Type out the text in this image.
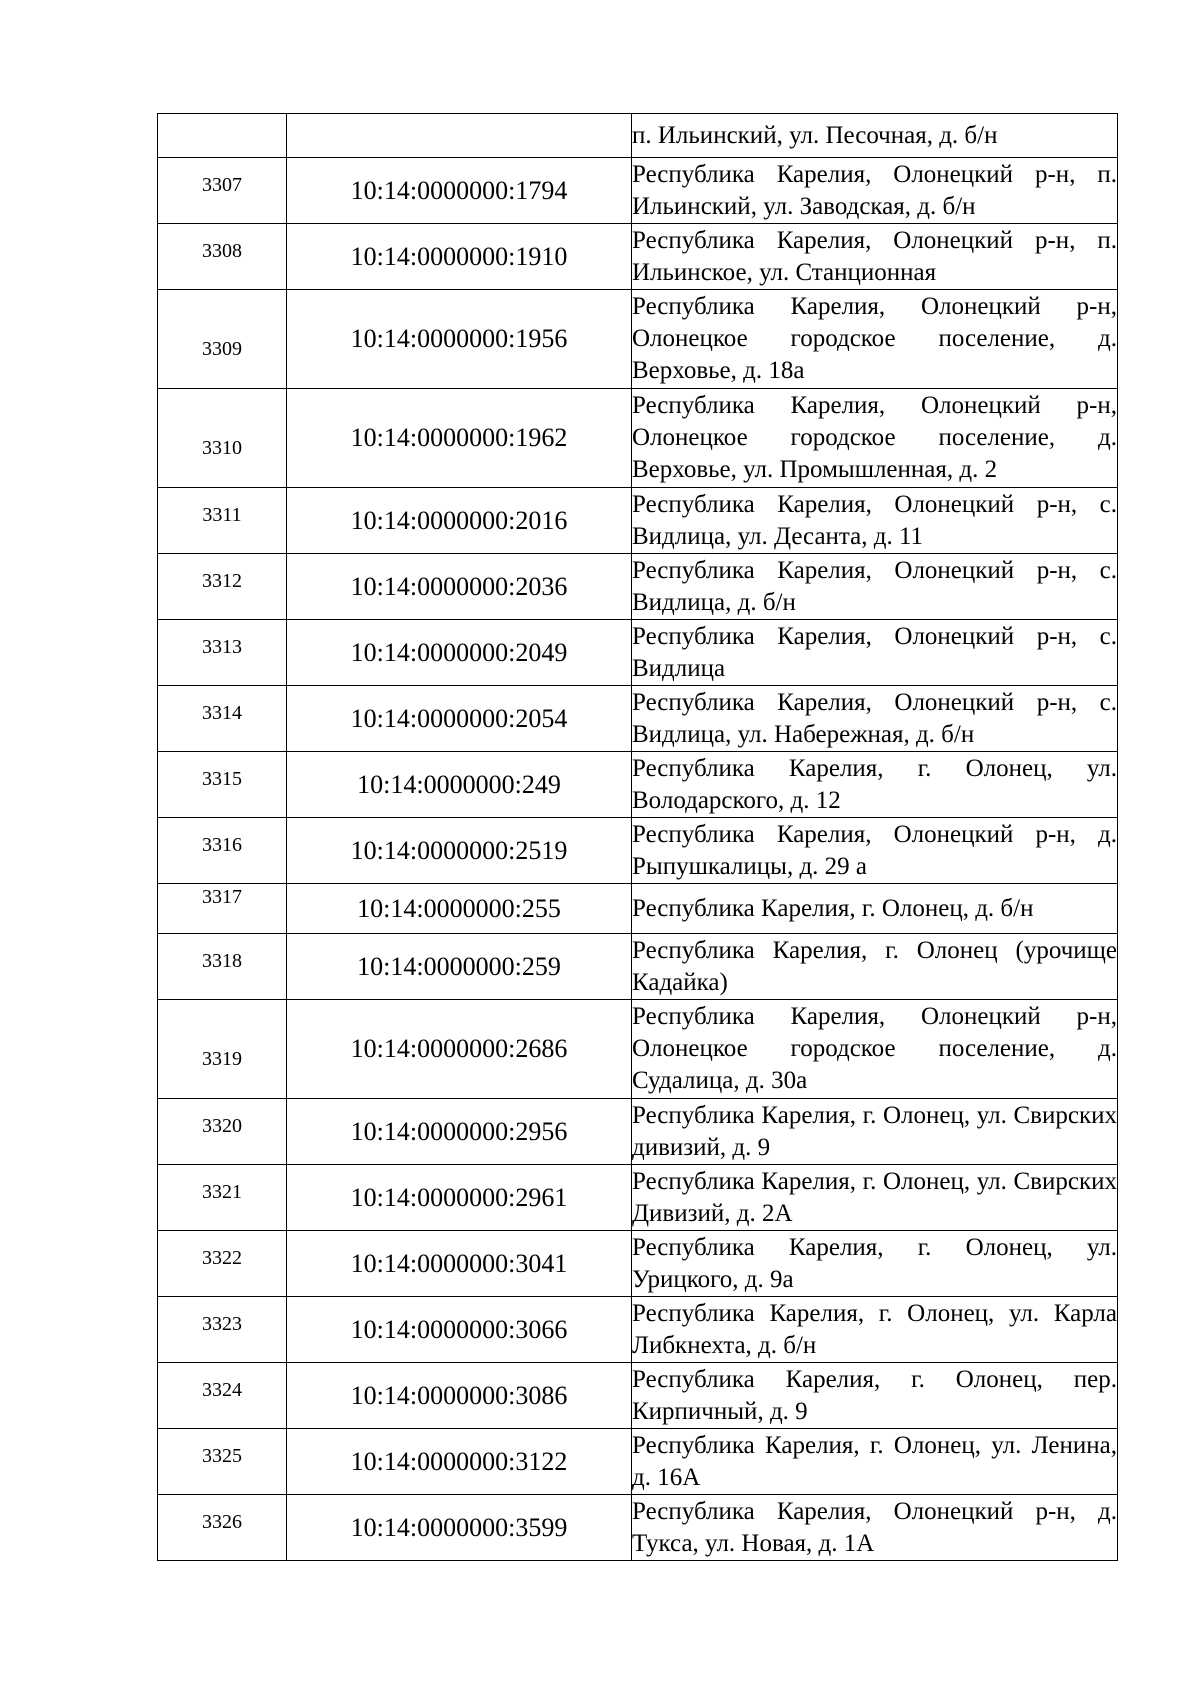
		п. Ильинский, ул. Песочная, д. б/н

3307	10:14:0000000:1794	Республика Карелия, Олонецкий р-н, п. Ильинский, ул. Заводская, д. б/н

3308	10:14:0000000:1910	Республика Карелия, Олонецкий р-н, п. Ильинское, ул. Станционная

3309	10:14:0000000:1956	Республика Карелия, Олонецкий р-н, Олонецкое городское поселение, д. Верховье, д. 18а

3310	10:14:0000000:1962	Республика Карелия, Олонецкий р-н, Олонецкое городское поселение, д. Верховье, ул. Промышленная, д. 2

3311	10:14:0000000:2016	Республика Карелия, Олонецкий р-н, с. Видлица, ул. Десанта, д. 11

3312	10:14:0000000:2036	Республика Карелия, Олонецкий р-н, с. Видлица, д. б/н

3313	10:14:0000000:2049	Республика Карелия, Олонецкий р-н, с. Видлица

3314	10:14:0000000:2054	Республика Карелия, Олонецкий р-н, с. Видлица, ул. Набережная, д. б/н

3315	10:14:0000000:249	Республика Карелия, г. Олонец, ул. Володарского, д. 12

3316	10:14:0000000:2519	Республика Карелия, Олонецкий р-н, д. Рыпушкалицы, д. 29 а

3317	10:14:0000000:255	Республика Карелия, г. Олонец, д. б/н

3318	10:14:0000000:259	Республика Карелия, г. Олонец (урочище Кадайка)

3319	10:14:0000000:2686	Республика Карелия, Олонецкий р-н, Олонецкое городское поселение, д. Судалица, д. 30а

3320	10:14:0000000:2956	Республика Карелия, г. Олонец, ул. Свирских дивизий, д. 9

3321	10:14:0000000:2961	Республика Карелия, г. Олонец, ул. Свирских Дивизий, д. 2А

3322	10:14:0000000:3041	Республика Карелия, г. Олонец, ул. Урицкого, д. 9а

3323	10:14:0000000:3066	Республика Карелия, г. Олонец, ул. Карла Либкнехта, д. б/н

3324	10:14:0000000:3086	Республика Карелия, г. Олонец, пер. Кирпичный, д. 9

3325	10:14:0000000:3122	Республика Карелия, г. Олонец, ул. Ленина, д. 16А

3326	10:14:0000000:3599	Республика Карелия, Олонецкий р-н, д. Тукса, ул. Новая, д. 1А
